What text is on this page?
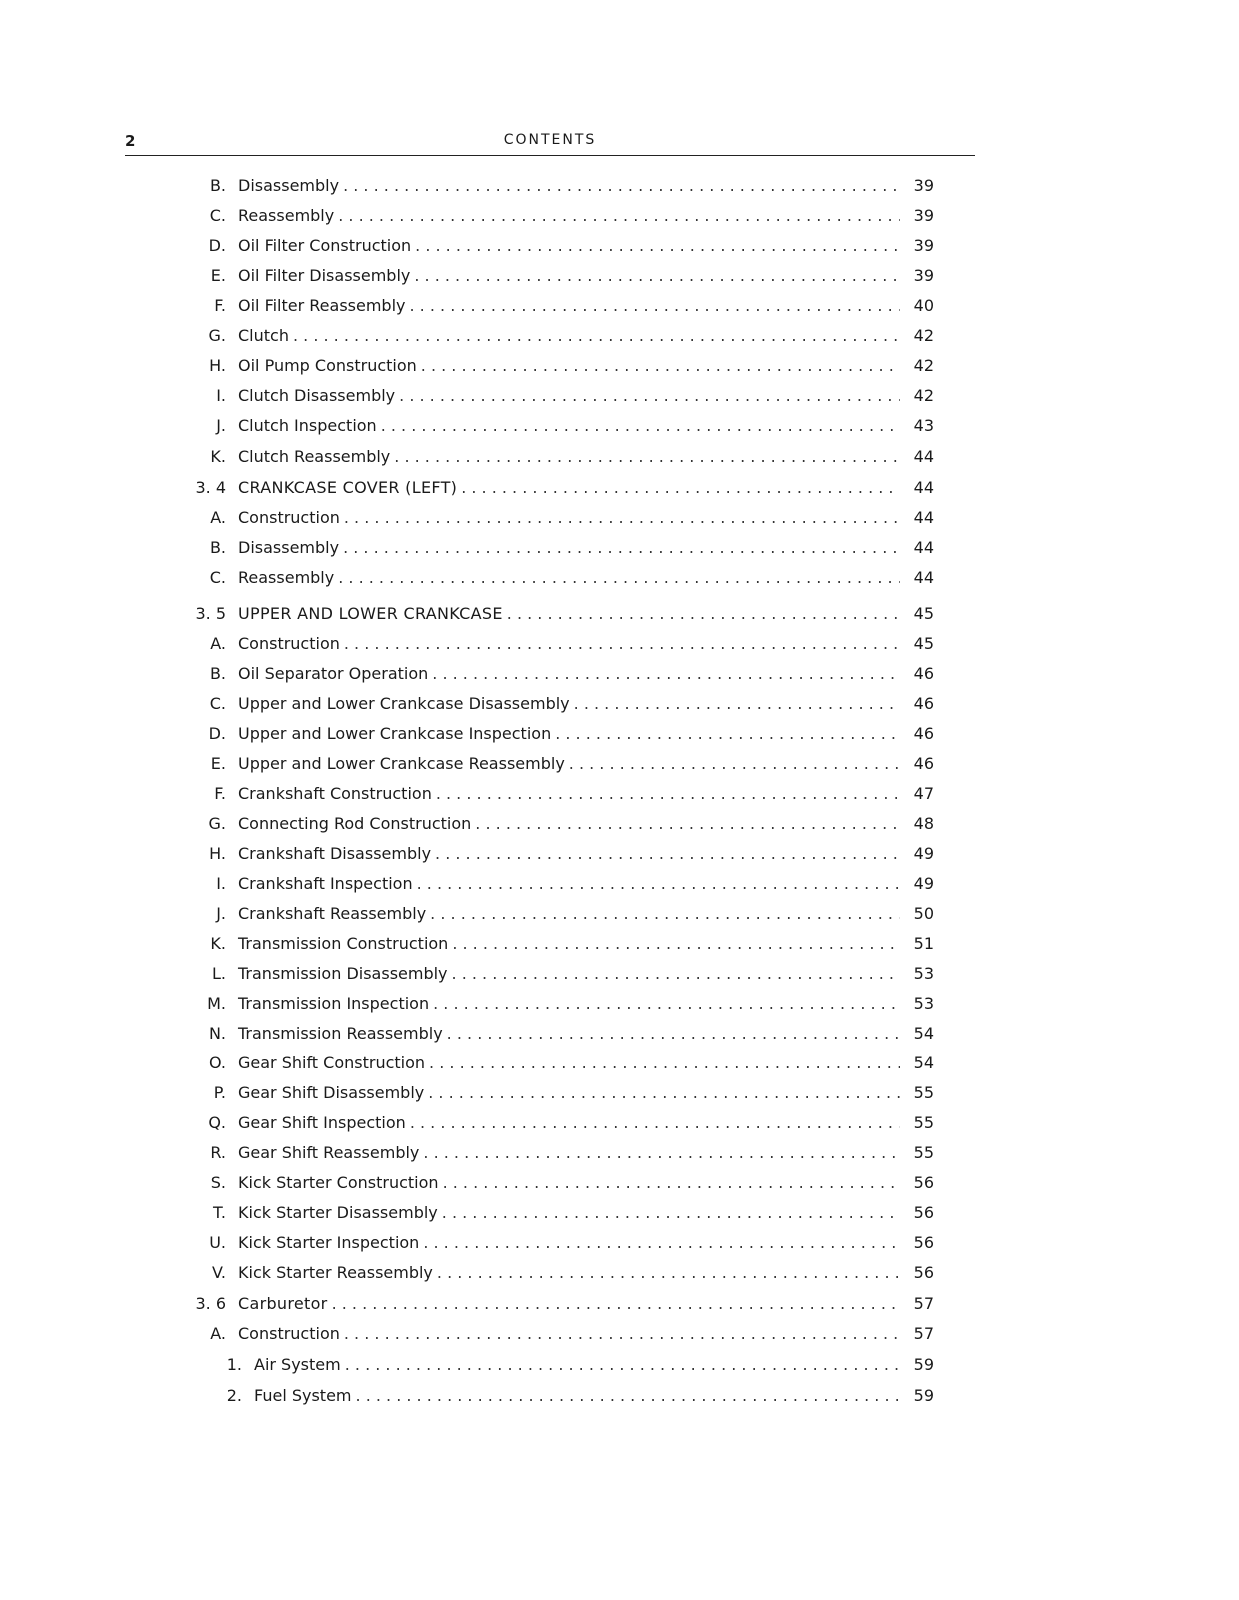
2	CONTENTS
B. Disassembly . . .	39
C. Reassembly . . .	39
D. Oil Filter Construction . . .	39
E. Oil Filter Disassembly . . .	39
F. Oil Filter Reassembly . . .	40
G. Clutch . . .	42
H. Oil Pump Construction . . .	42
I. Clutch Disassembly . . .	42
J. Clutch Inspection . . .	43
K. Clutch Reassembly . . .	44
3. 4 CRANKCASE COVER (LEFT) . . .	44
A. Construction . . .	44
B. Disassembly . . .	44
C. Reassembly . . .	44
3. 5 UPPER AND LOWER CRANKCASE . . .	45
A. Construction . . .	45
B. Oil Separator Operation . . .	46
C. Upper and Lower Crankcase Disassembly . . .	46
D. Upper and Lower Crankcase Inspection . . .	46
E. Upper and Lower Crankcase Reassembly . . .	46
F. Crankshaft Construction . . .	47
G. Connecting Rod Construction . . .	48
H. Crankshaft Disassembly . . .	49
I. Crankshaft Inspection . . .	49
J. Crankshaft Reassembly . . .	50
K. Transmission Construction . . .	51
L. Transmission Disassembly . . .	53
M. Transmission Inspection . . .	53
N. Transmission Reassembly . . .	54
O. Gear Shift Construction . . .	54
P. Gear Shift Disassembly . . .	55
Q. Gear Shift Inspection . . .	55
R. Gear Shift Reassembly . . .	55
S. Kick Starter Construction . . .	56
T. Kick Starter Disassembly . . .	56
U. Kick Starter Inspection . . .	56
V. Kick Starter Reassembly . . .	56
3. 6 Carburetor . . .	57
A. Construction . . .	57
1. Air System . . .	59
2. Fuel System . . .	59
